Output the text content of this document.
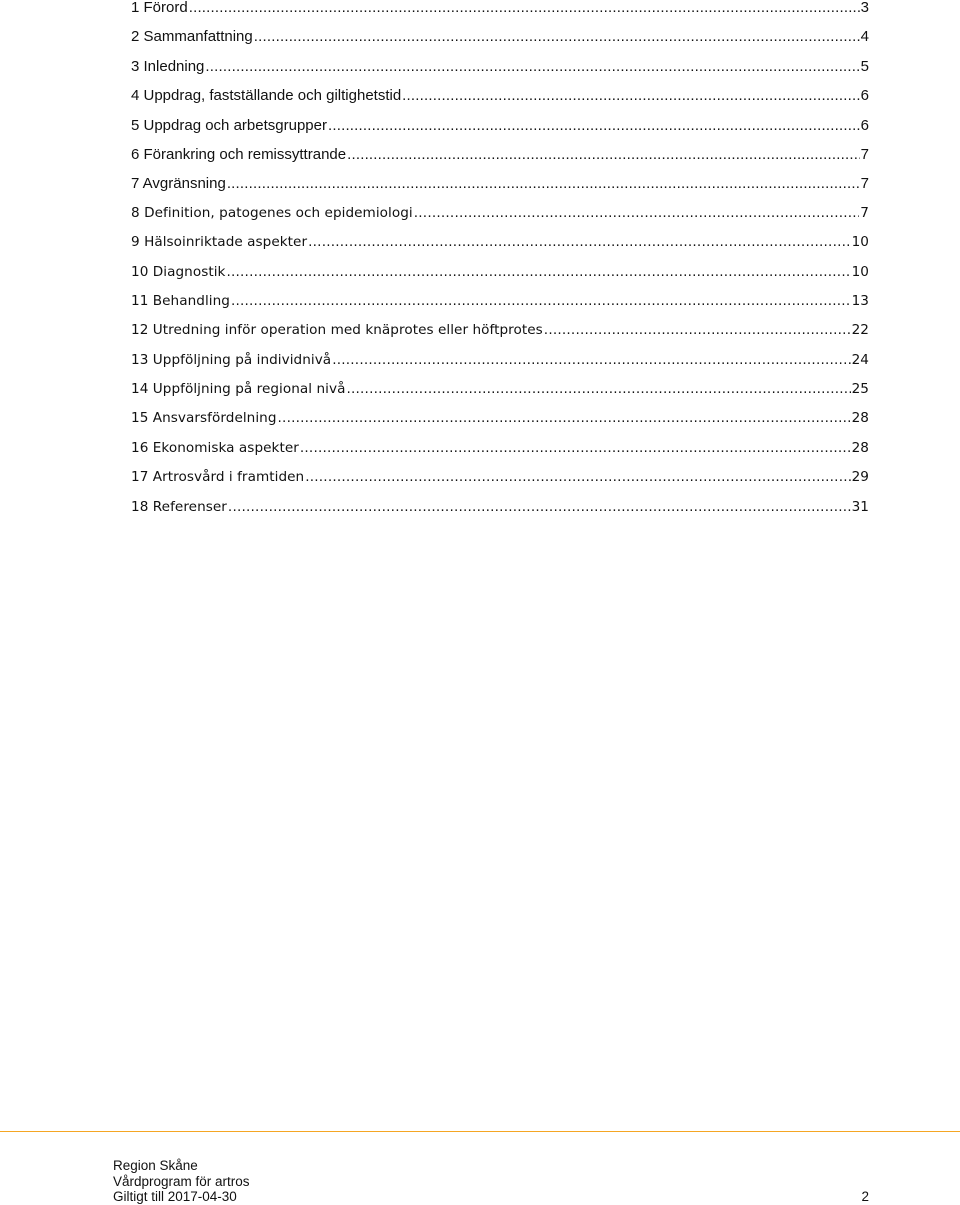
1 Förord .....	3
2 Sammanfattning .....	4
3 Inledning .....	5
4 Uppdrag, fastställande och giltighetstid .....	6
5 Uppdrag och arbetsgrupper .....	6
6 Förankring och remissyttrande .....	7
7 Avgränsning .....	7
8 Definition, patogenes och epidemiologi .....	7
9 Hälsoinriktade aspekter .....	10
10 Diagnostik .....	10
11 Behandling .....	13
12 Utredning inför operation med knäprotes eller höftprotes .....	22
13 Uppföljning på individnivå .....	24
14 Uppföljning på regional nivå .....	25
15 Ansvarsfördelning .....	28
16 Ekonomiska aspekter .....	28
17 Artrosvård i framtiden .....	29
18 Referenser .....	31
Region Skåne
Vårdprogram för artros
Giltigt till 2017-04-30	2
